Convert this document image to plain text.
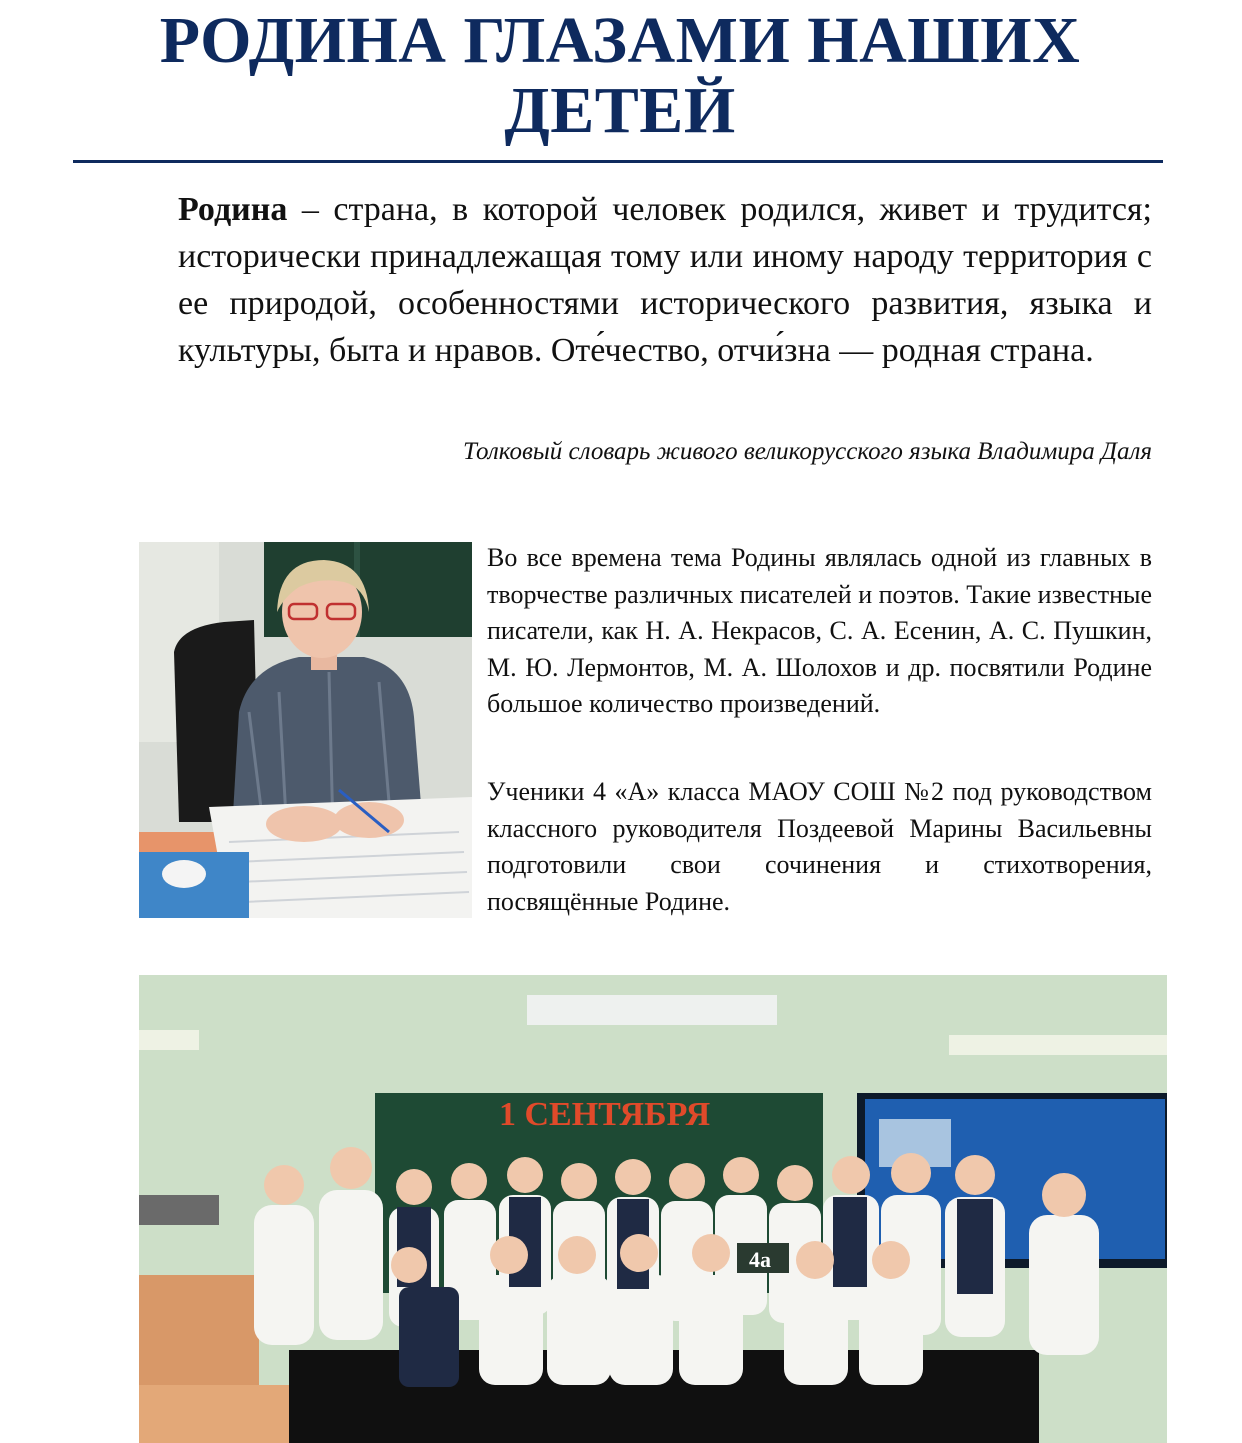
РОДИНА ГЛАЗАМИ НАШИХ ДЕТЕЙ

Родина – страна, в которой человек родился, живет и трудится; исторически принадлежащая тому или иному народу территория с ее природой, особенностями исторического развития, языка и культуры, быта и нравов. Оте́чество, отчи́зна — родная страна.

Толковый словарь живого великорусского языка Владимира Даля

Во все времена тема Родины являлась одной из главных в творчестве различных писателей и поэтов. Такие известные писатели, как Н. А. Некрасов, С. А. Есенин, А. С. Пушкин, М. Ю. Лермонтов, М. А. Шолохов и др. посвятили Родине большое количество произведений.

Ученики 4 «А» класса МАОУ СОШ №2 под руководством классного руководителя Поздеевой Марины Васильевны подготовили свои сочинения и стихотворения, посвящённые Родине.

1 СЕНТЯБРЯ
4а
